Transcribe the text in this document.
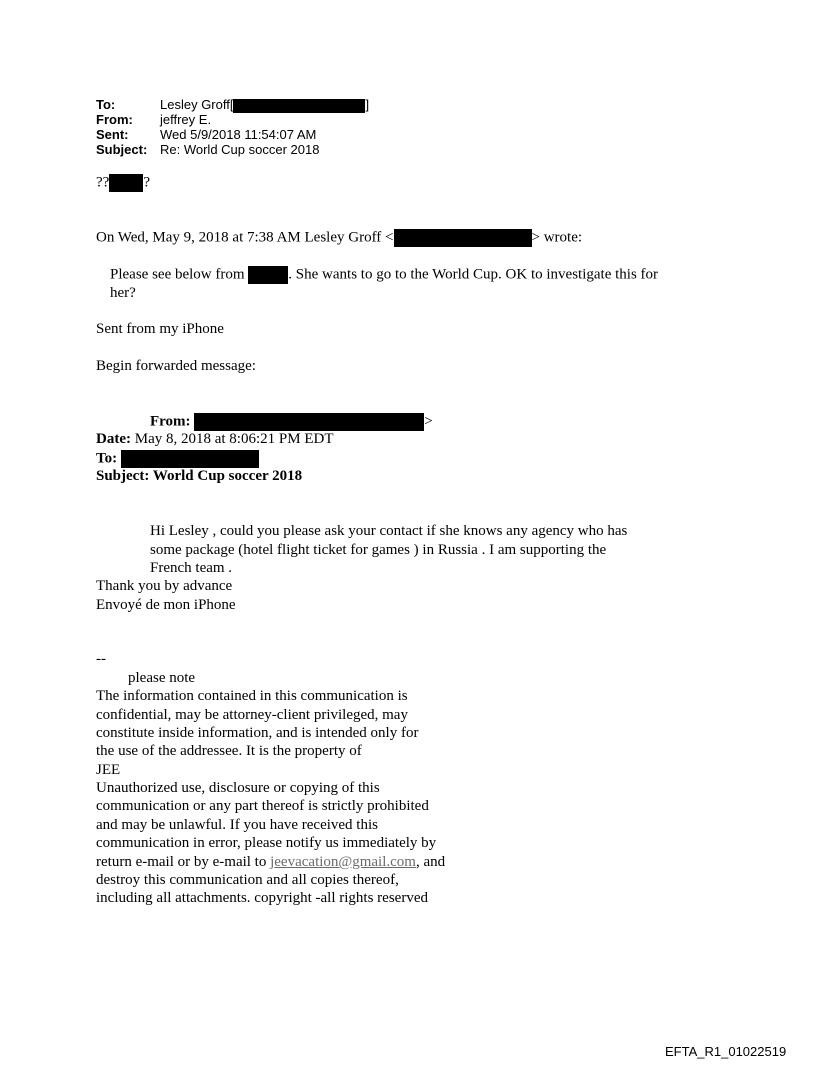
To:	Lesley Groff[	]
From: jeffrey E.
Sent: Wed 5/9/2018 11:54:07 AM
Subject: Re: World Cup soccer 2018
?? ?
On Wed, May 9, 2018 at 7:38 AM Lesley Groff <	> wrote:
Please see below from	. She wants to go to the World Cup. OK to investigate this for
her?
Sent from my iPhone
Begin forwarded message:
From:	>
Date: May 8, 2018 at 8:06:21 PM EDT
To:
Subject: World Cup soccer 2018
Hi Lesley , could you please ask your contact if she knows any agency who has
some package (hotel flight ticket for games ) in Russia . I am supporting the
French team .
Thank you by advance
Envoyé de mon iPhone
--
please note
The information contained in this communication is
confidential, may be attorney-client privileged, may
constitute inside information, and is intended only for
the use of the addressee. It is the property of
JEE
Unauthorized use, disclosure or copying of this
communication or any part thereof is strictly prohibited
and may be unlawful. If you have received this
communication in error, please notify us immediately by
return e-mail or by e-mail to jeevacation@gmail.com, and
destroy this communication and all copies thereof,
including all attachments. copyright -all rights reserved
EFTA_R1_01022519
